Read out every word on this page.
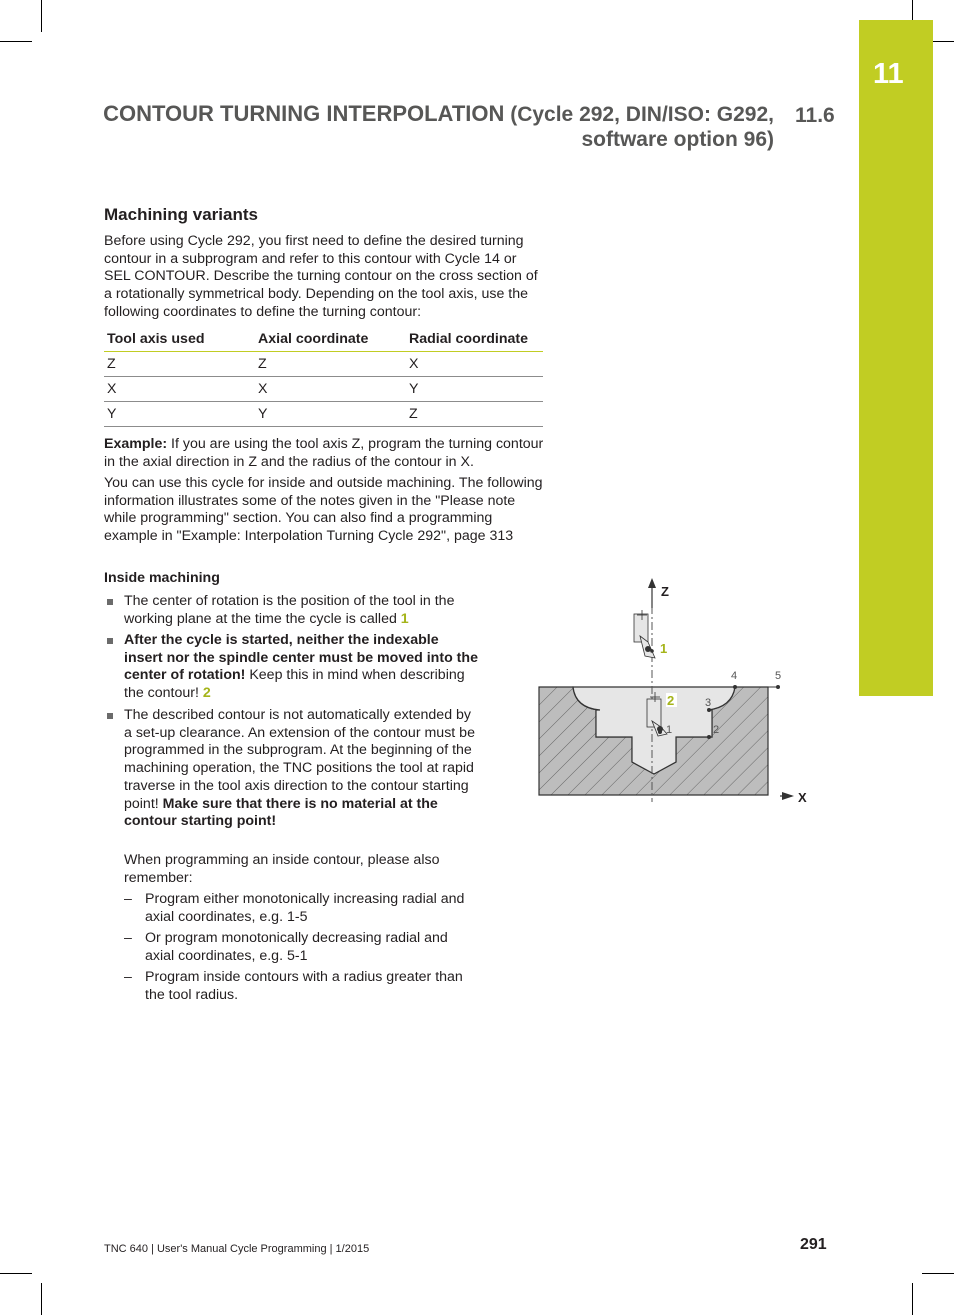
11
CONTOUR TURNING INTERPOLATION (Cycle 292, DIN/ISO: G292,
software option 96)
11.6
Machining variants

Before using Cycle 292, you first need to define the desired turning contour in a subprogram and refer to this contour with Cycle 14 or SEL CONTOUR. Describe the turning contour on the cross section of a rotationally symmetrical body. Depending on the tool axis, use the following coordinates to define the turning contour:

Tool axis used	Axial coordinate	Radial coordinate
Z	Z	X
X	X	Y
Y	Y	Z

Example: If you are using the tool axis Z, program the turning contour in the axial direction in Z and the radius of the contour in X.

You can use this cycle for inside and outside machining. The following information illustrates some of the notes given in the "Please note while programming" section. You can also find a programming example in "Example: Interpolation Turning Cycle 292", page 313

Inside machining

The center of rotation is the position of the tool in the working plane at the time the cycle is called 1
After the cycle is started, neither the indexable insert nor the spindle center must be moved into the center of rotation! Keep this in mind when describing the contour! 2
The described contour is not automatically extended by a set-up clearance. An extension of the contour must be programmed in the subprogram. At the beginning of the machining operation, the TNC positions the tool at rapid traverse in the tool axis direction to the contour starting point! Make sure that there is no material at the contour starting point!
When programming an inside contour, please also remember:
– Program either monotonically increasing radial and axial coordinates, e.g. 1-5
– Or program monotonically decreasing radial and axial coordinates, e.g. 5-1
– Program inside contours with a radius greater than the tool radius.
Z
X
1
2
1	2
3
4	5
TNC 640 | User's Manual Cycle Programming | 1/2015	291
